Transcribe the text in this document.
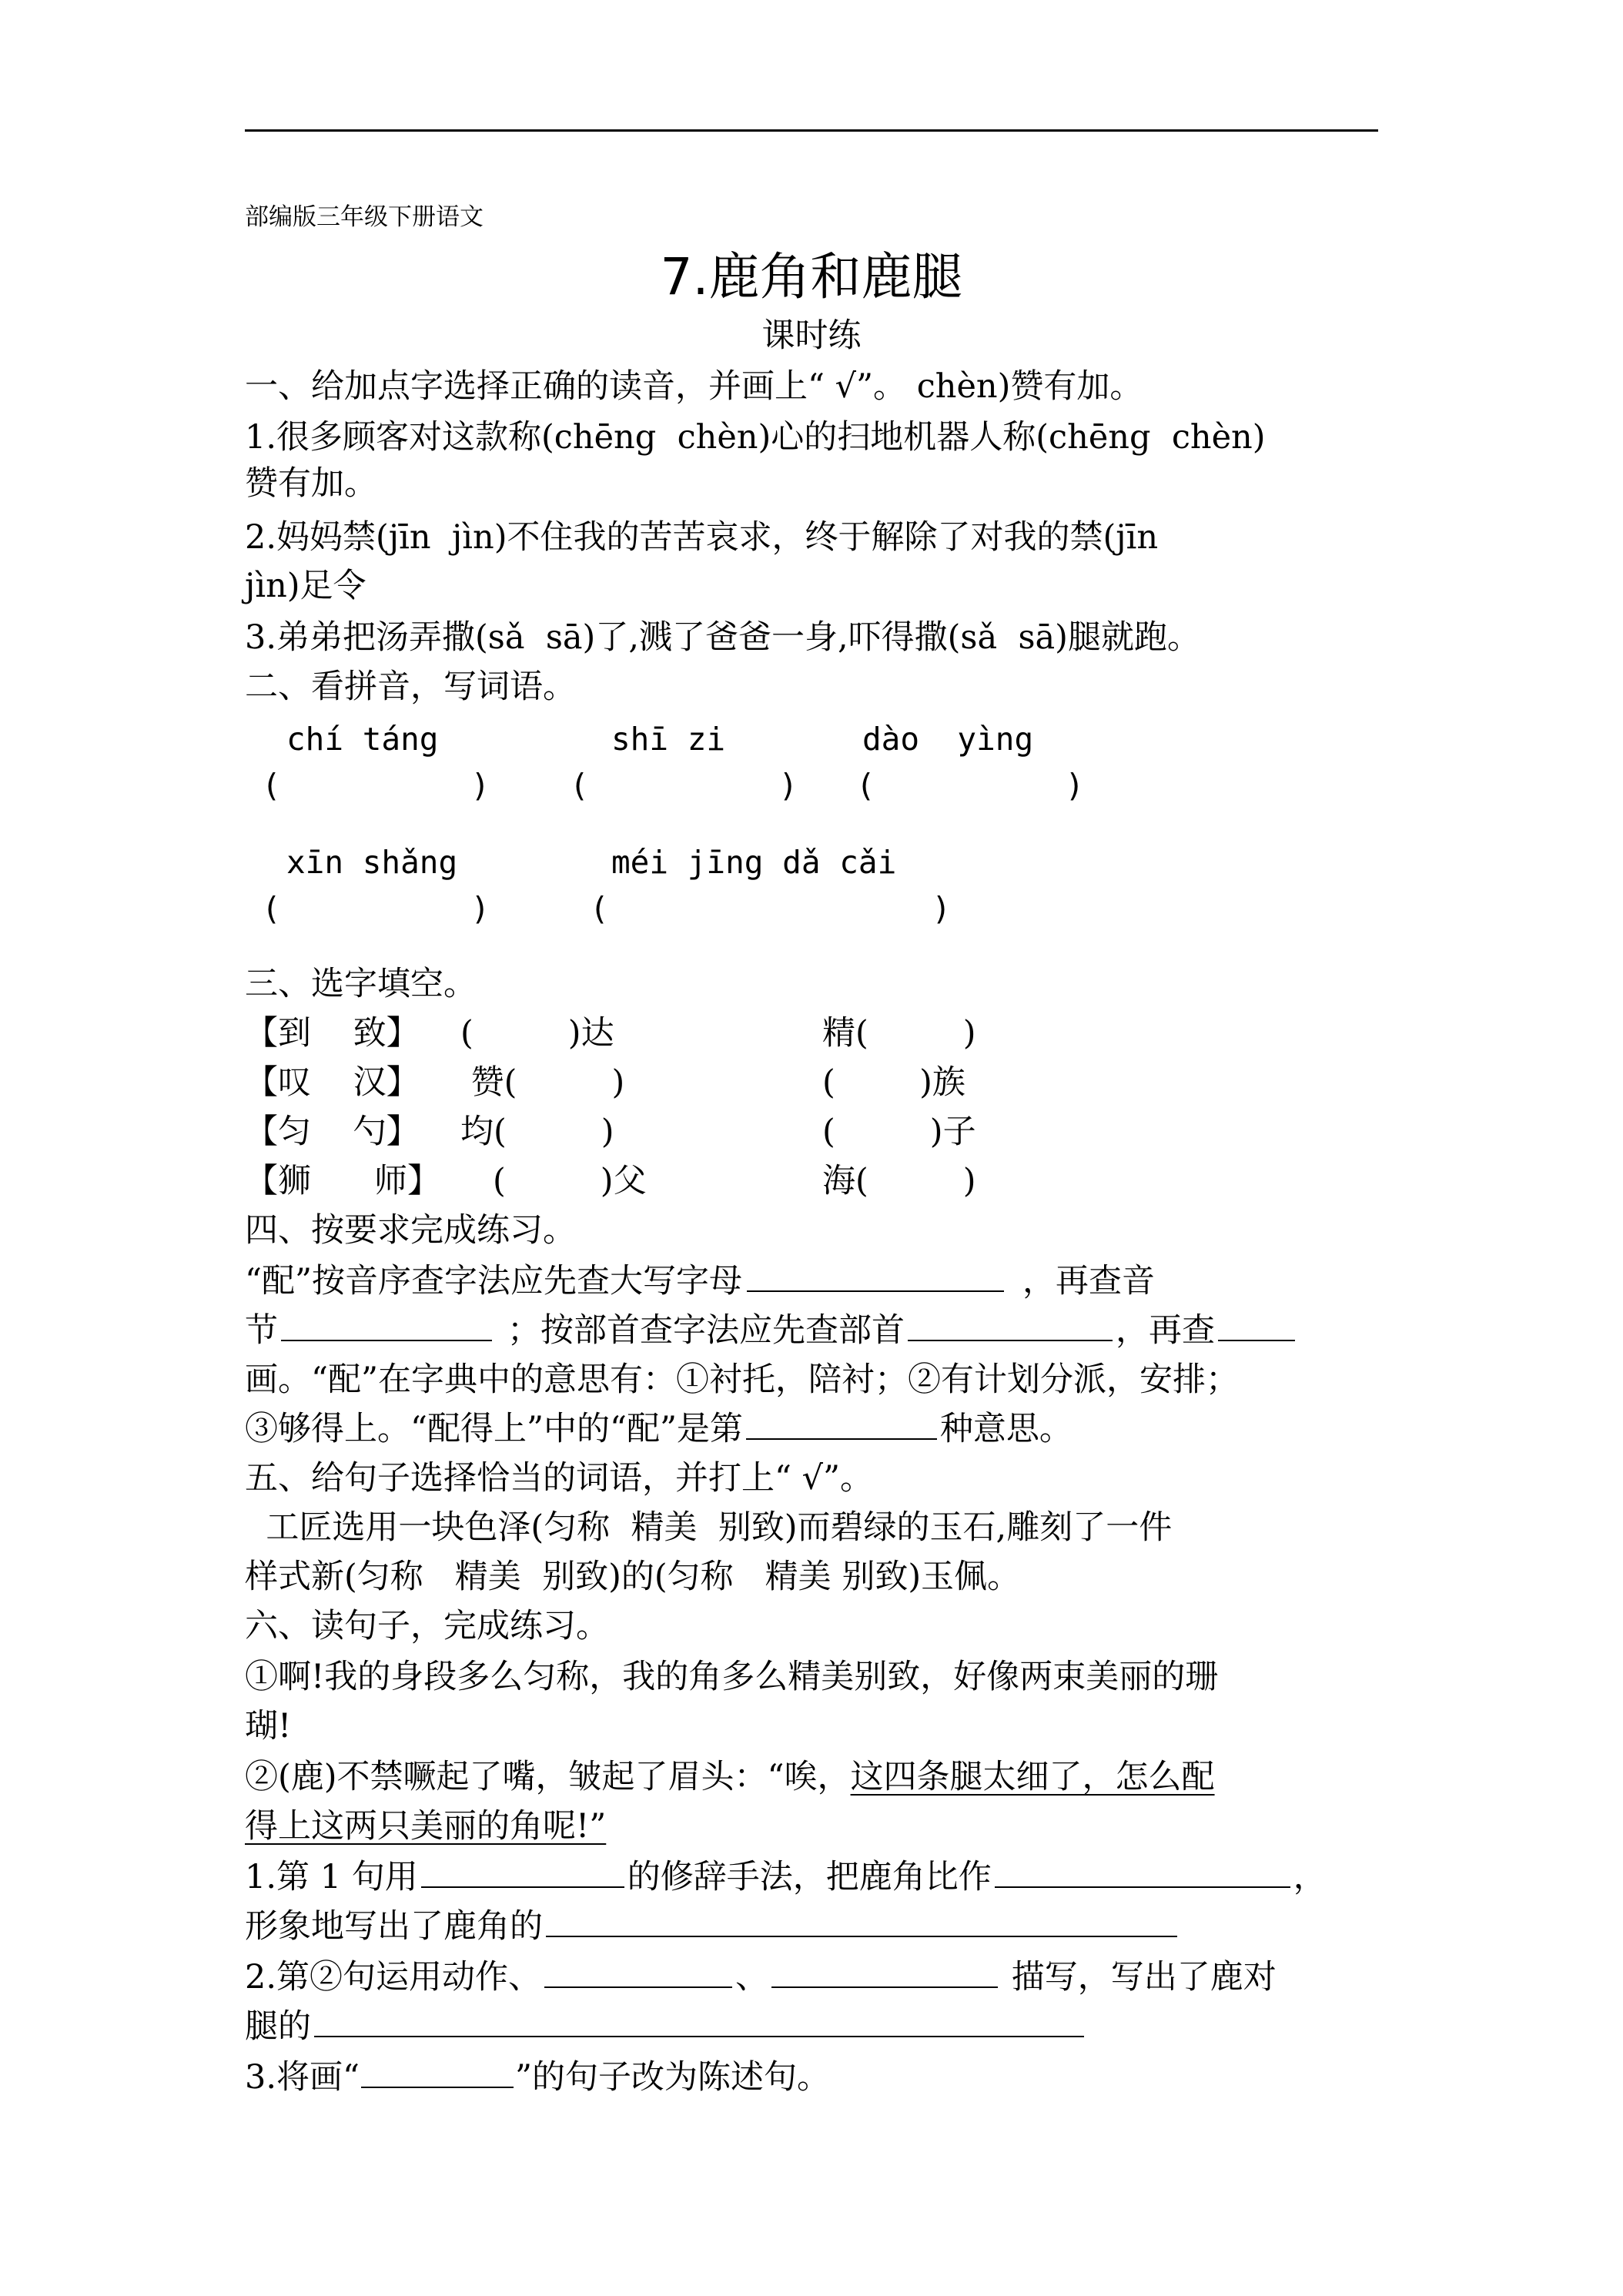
部编版三年级下册语文
7.鹿角和鹿腿
课时练
一、给加点字选择正确的读音，并画上“ √”。 chèn)赞有加。
1.很多顾客对这款称(chēng  chèn)心的扫地机器人称(chēng  chèn)
赞有加。
2.妈妈禁(jīn  jìn)不住我的苦苦哀求，终于解除了对我的禁(jīn
jìn)足令
3.弟弟把汤弄撒(sǎ  sā)了,溅了爸爸一身,吓得撒(sǎ  sā)腿就跑。
二、看拼音，写词语。
chí táng	shī zi	dào  yìng
(          )	(          ) (          )
xīn shǎng	méi jīng dǎ cǎi
(          )	(                 )
三、选字填空。
【到    致】 (         )达	精(         )
【叹    汉】 赞(         )	(        )族
【匀    勺】 均(         )	(         )子
【狮      师】 (         )父	海(         )
四、按要求完成练习。
“配”按音序查字法应先查大写字母	，再查音
节	；按部首查字法应先查部首	，再查
画。“配”在字典中的意思有：①衬托，陪衬；②有计划分派，安排；
③够得上。“配得上”中的“配”是第	种意思。
五、给句子选择恰当的词语，并打上“ √”。
工匠选用一块色泽(匀称  精美  别致)而碧绿的玉石,雕刻了一件
样式新(匀称   精美  别致)的(匀称   精美 别致)玉佩。
六、读句子，完成练习。
①啊!我的身段多么匀称，我的角多么精美别致，好像两束美丽的珊
瑚!
②(鹿)不禁噘起了嘴，皱起了眉头：“唉，这四条腿太细了，怎么配
得上这两只美丽的角呢!”
1.第 1 句用	的修辞手法，把鹿角比作	，
形象地写出了鹿角的
2.第②句运用动作、	、	描写，写出了鹿对
腿的
3.将画“	”的句子改为陈述句。
